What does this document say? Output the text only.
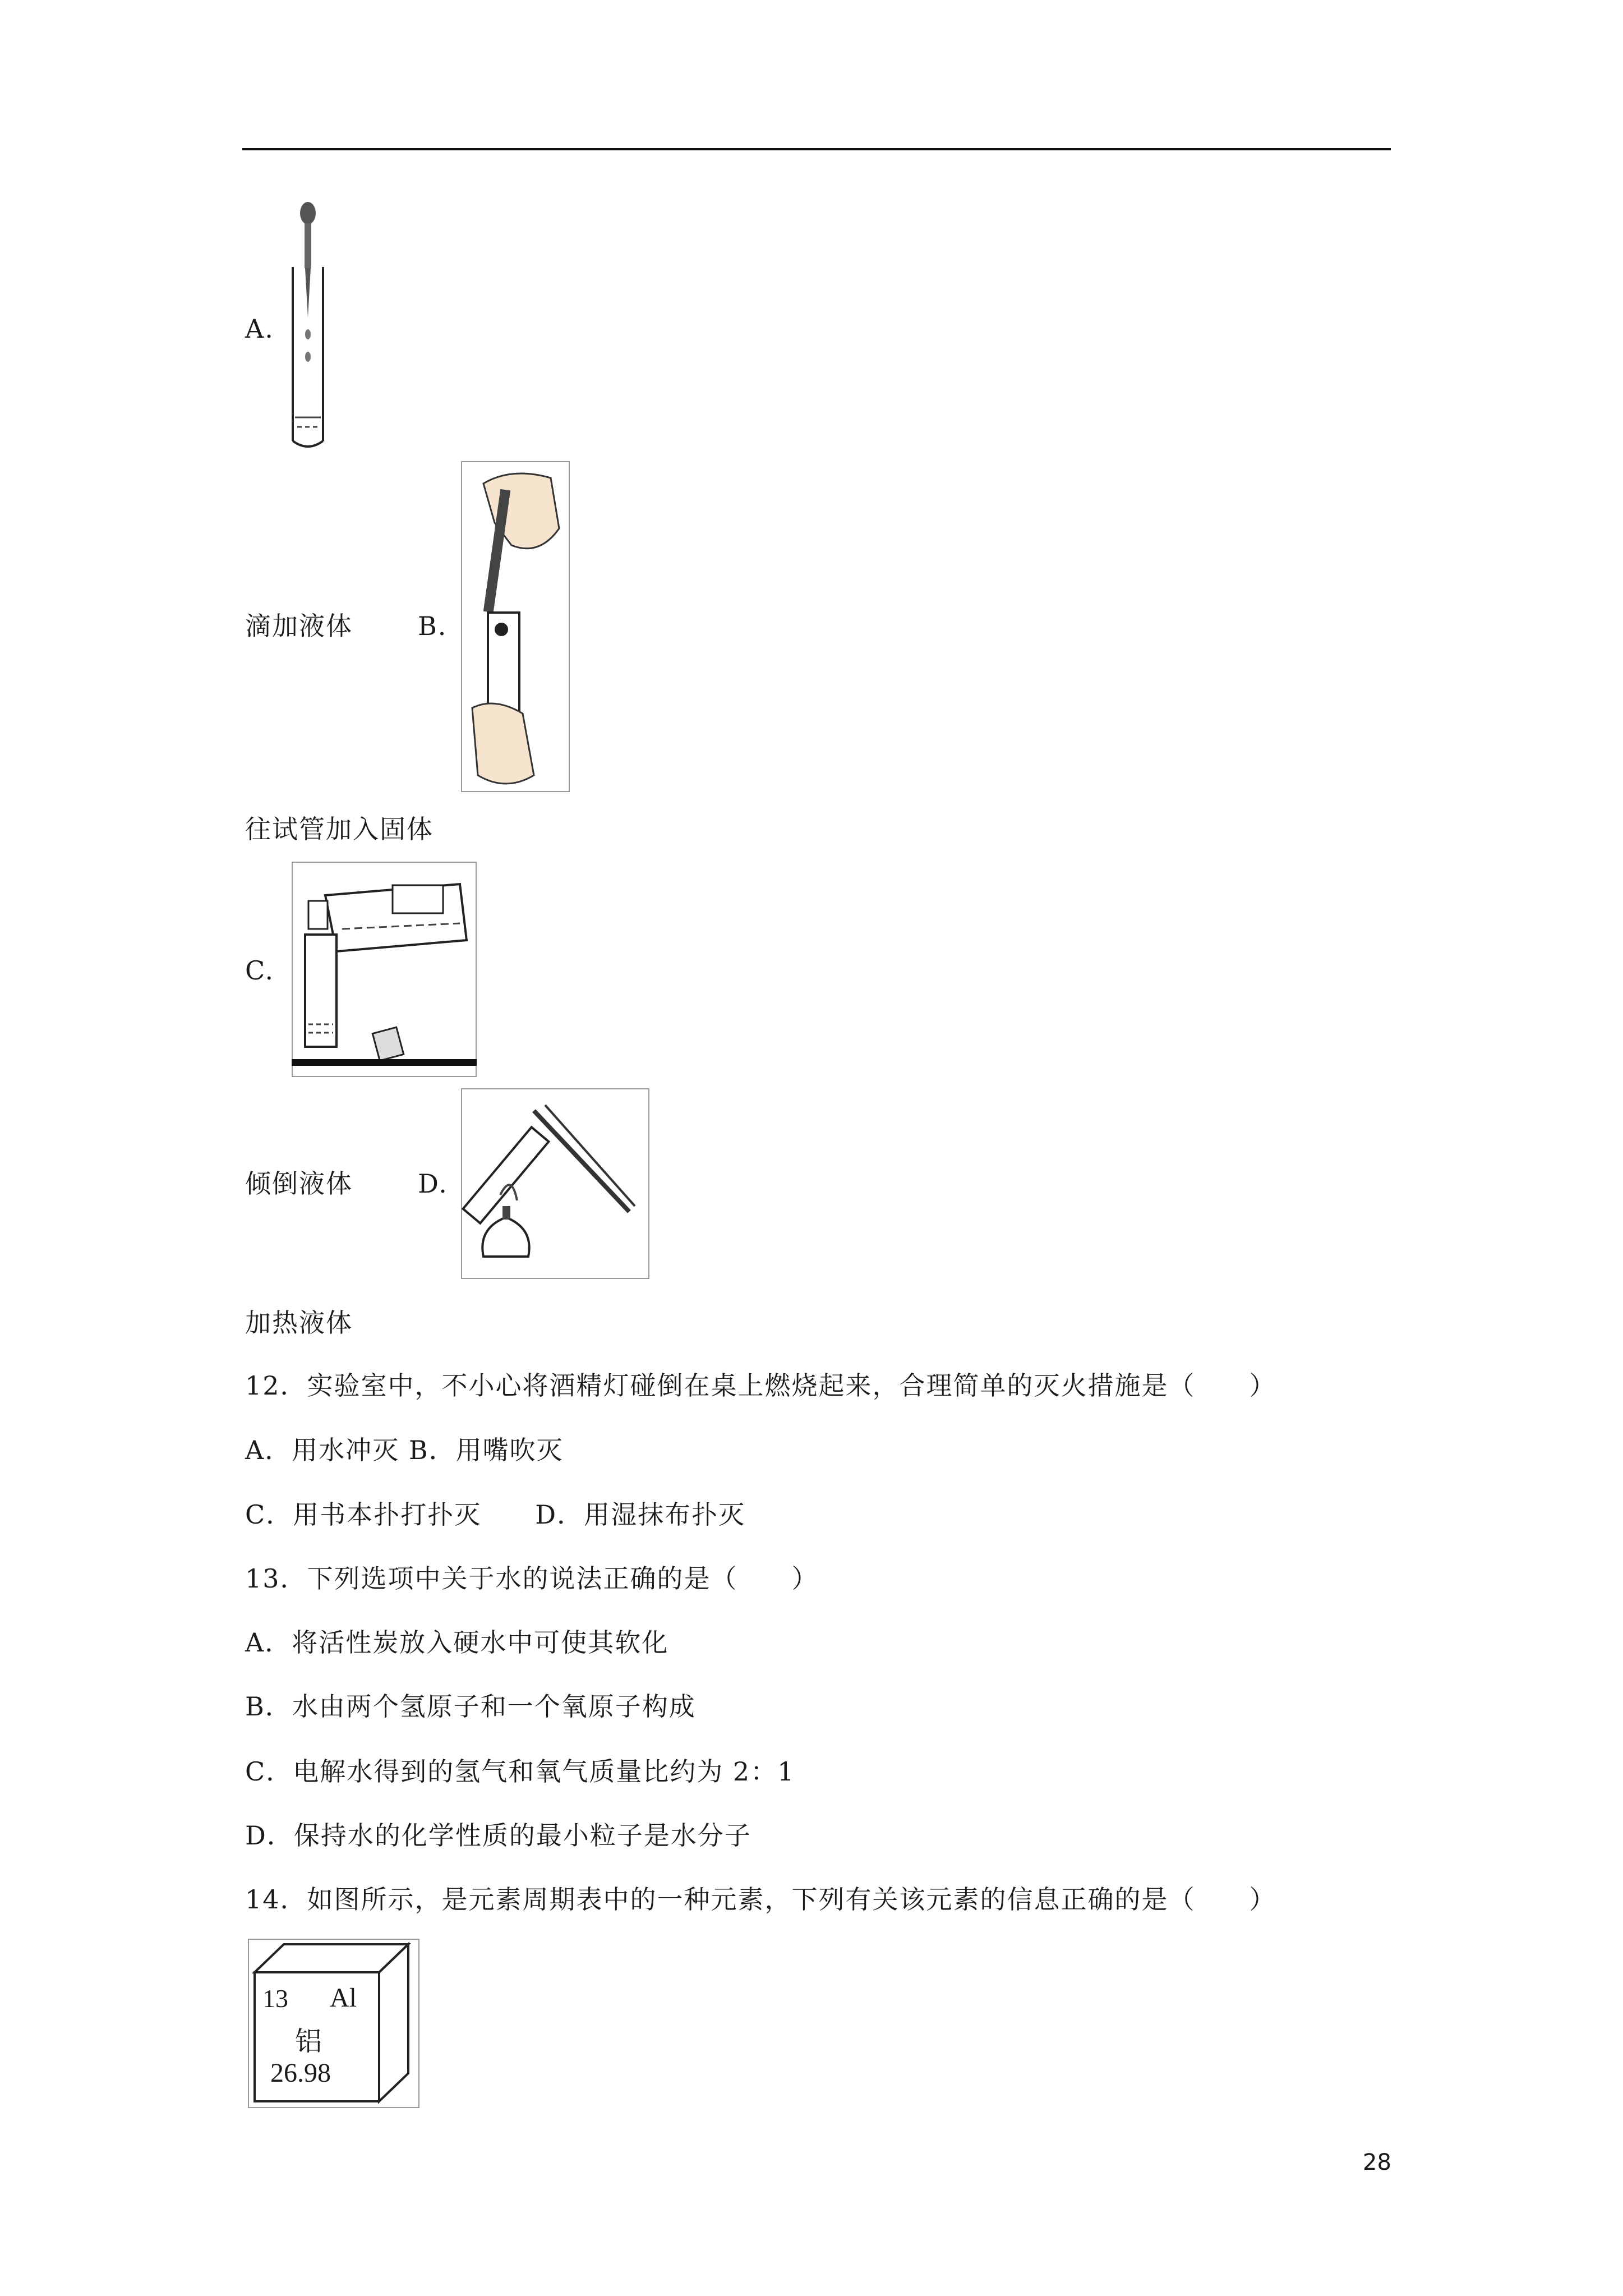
A.
滴加液体	B.
往试管加入固体
C.
倾倒液体	D.
加热液体
12．实验室中，不小心将酒精灯碰倒在桌上燃烧起来，合理简单的灭火措施是（　　）
A．用水冲灭 B．用嘴吹灭
C．用书本扑打扑灭　　D．用湿抹布扑灭
13．下列选项中关于水的说法正确的是（　　）
A．将活性炭放入硬水中可使其软化
B．水由两个氢原子和一个氧原子构成
C．电解水得到的氢气和氧气质量比约为 2：1
D．保持水的化学性质的最小粒子是水分子
14．如图所示，是元素周期表中的一种元素，下列有关该元素的信息正确的是（　　）
13 Al
铝
26.98
28
